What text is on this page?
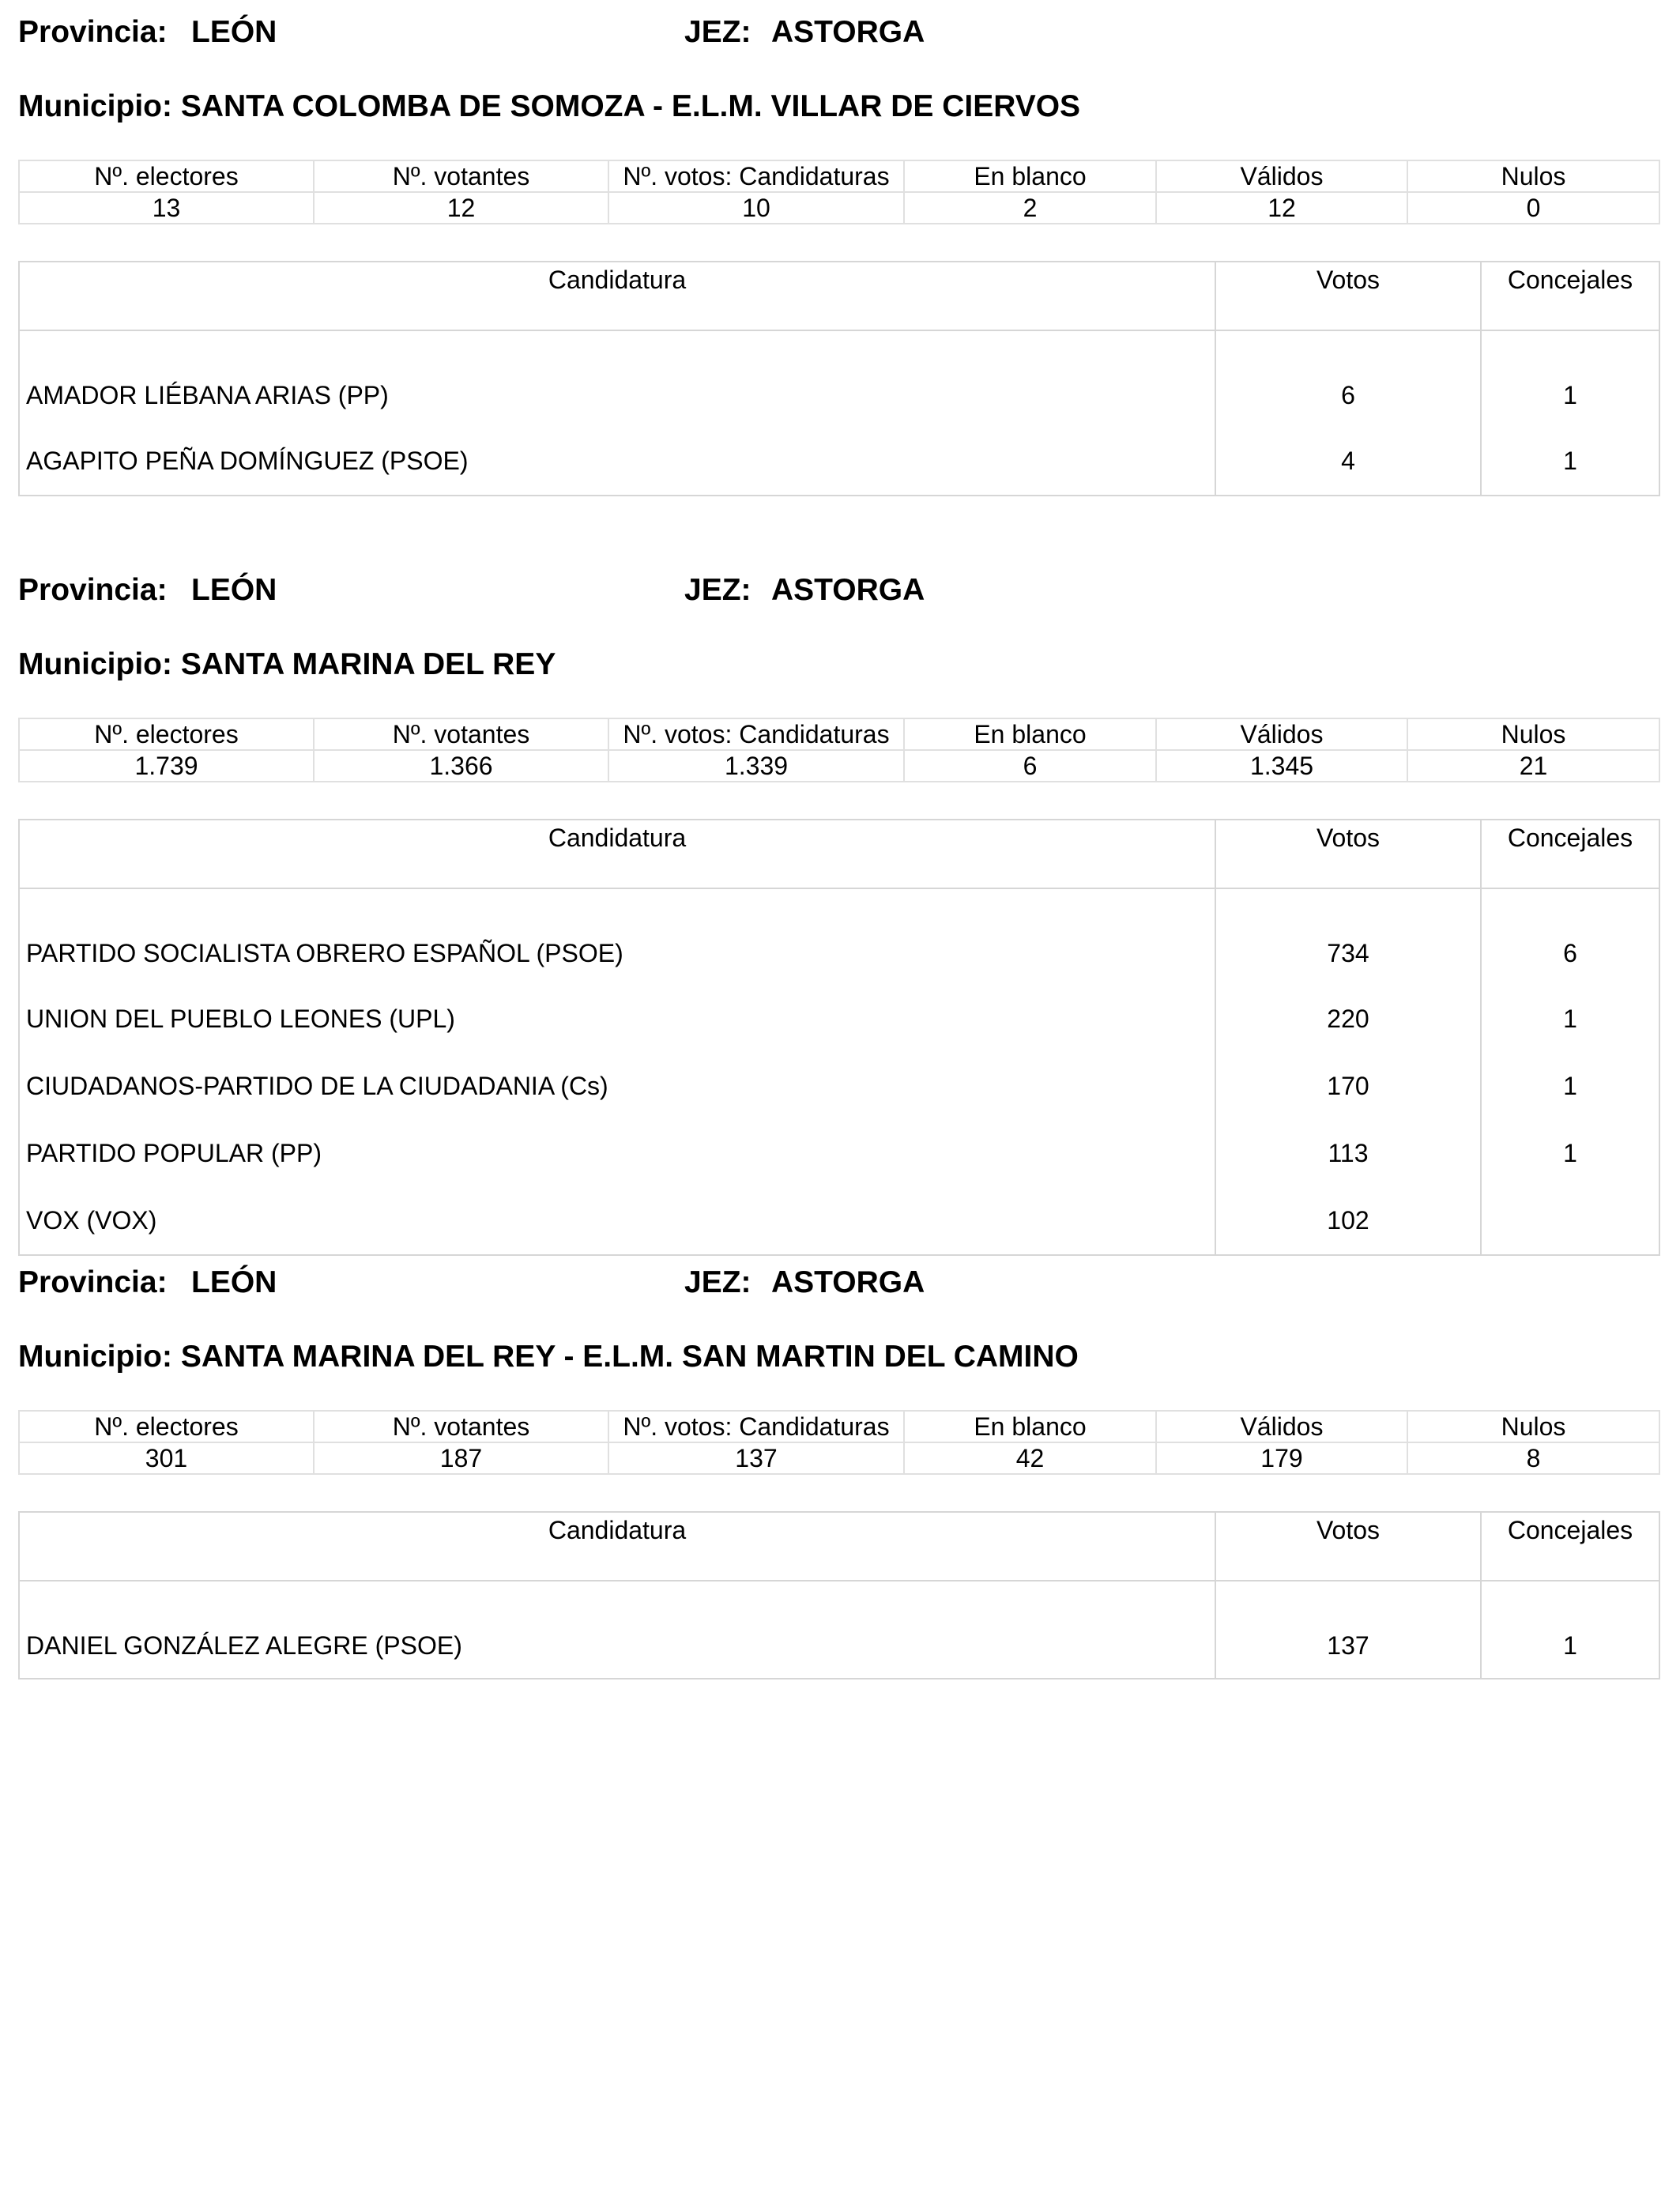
Provincia: LEÓN	JEZ: ASTORGA
Municipio: SANTA COLOMBA DE SOMOZA - E.L.M. VILLAR DE CIERVOS
Nº. electores	Nº. votantes	Nº. votos: Candidaturas	En blanco	Válidos	Nulos
13	12	10	2	12	0
Candidatura	Votos	Concejales
AMADOR LIÉBANA ARIAS (PP)	6	1
AGAPITO PEÑA DOMÍNGUEZ (PSOE)	4	1
Provincia: LEÓN	JEZ: ASTORGA
Municipio: SANTA MARINA DEL REY
Nº. electores	Nº. votantes	Nº. votos: Candidaturas	En blanco	Válidos	Nulos
1.739	1.366	1.339	6	1.345	21
Candidatura	Votos	Concejales
PARTIDO SOCIALISTA OBRERO ESPAÑOL (PSOE)	734	6
UNION DEL PUEBLO LEONES (UPL)	220	1
CIUDADANOS-PARTIDO DE LA CIUDADANIA (Cs)	170	1
PARTIDO POPULAR (PP)	113	1
VOX (VOX)	102	
Provincia: LEÓN	JEZ: ASTORGA
Municipio: SANTA MARINA DEL REY - E.L.M. SAN MARTIN DEL CAMINO
Nº. electores	Nº. votantes	Nº. votos: Candidaturas	En blanco	Válidos	Nulos
301	187	137	42	179	8
Candidatura	Votos	Concejales
DANIEL GONZÁLEZ ALEGRE (PSOE)	137	1
